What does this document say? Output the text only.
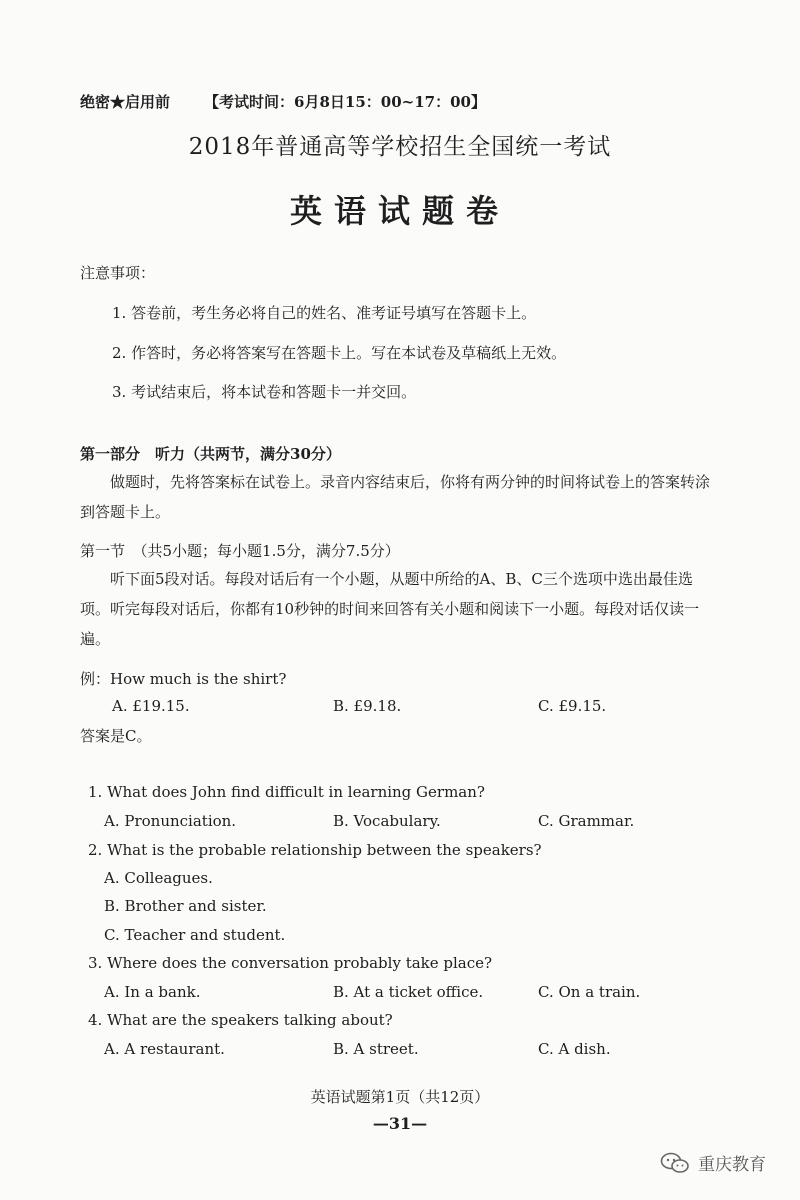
绝密★启用前 【考试时间：6月8日15：00~17：00】
2018年普通高等学校招生全国统一考试
英语试题卷
注意事项：
1. 答卷前，考生务必将自己的姓名、准考证号填写在答题卡上。
2. 作答时，务必将答案写在答题卡上。写在本试卷及草稿纸上无效。
3. 考试结束后，将本试卷和答题卡一并交回。
第一部分　听力（共两节，满分30分）
做题时，先将答案标在试卷上。录音内容结束后，你将有两分钟的时间将试卷上的答案转涂到答题卡上。
第一节　（共5小题；每小题1.5分，满分7.5分）
听下面5段对话。每段对话后有一个小题，从题中所给的A、B、C三个选项中选出最佳选项。听完每段对话后，你都有10秒钟的时间来回答有关小题和阅读下一小题。每段对话仅读一遍。
例：How much is the shirt?
A. £19.15.	B. £9.18.	C. £9.15.
答案是C。
1. What does John find difficult in learning German?
A. Pronunciation.	B. Vocabulary.	C. Grammar.
2. What is the probable relationship between the speakers?
A. Colleagues.
B. Brother and sister.
C. Teacher and student.
3. Where does the conversation probably take place?
A. In a bank.	B. At a ticket office.	C. On a train.
4. What are the speakers talking about?
A. A restaurant.	B. A street.	C. A dish.
英语试题第1页（共12页）
—31—
重庆教育
